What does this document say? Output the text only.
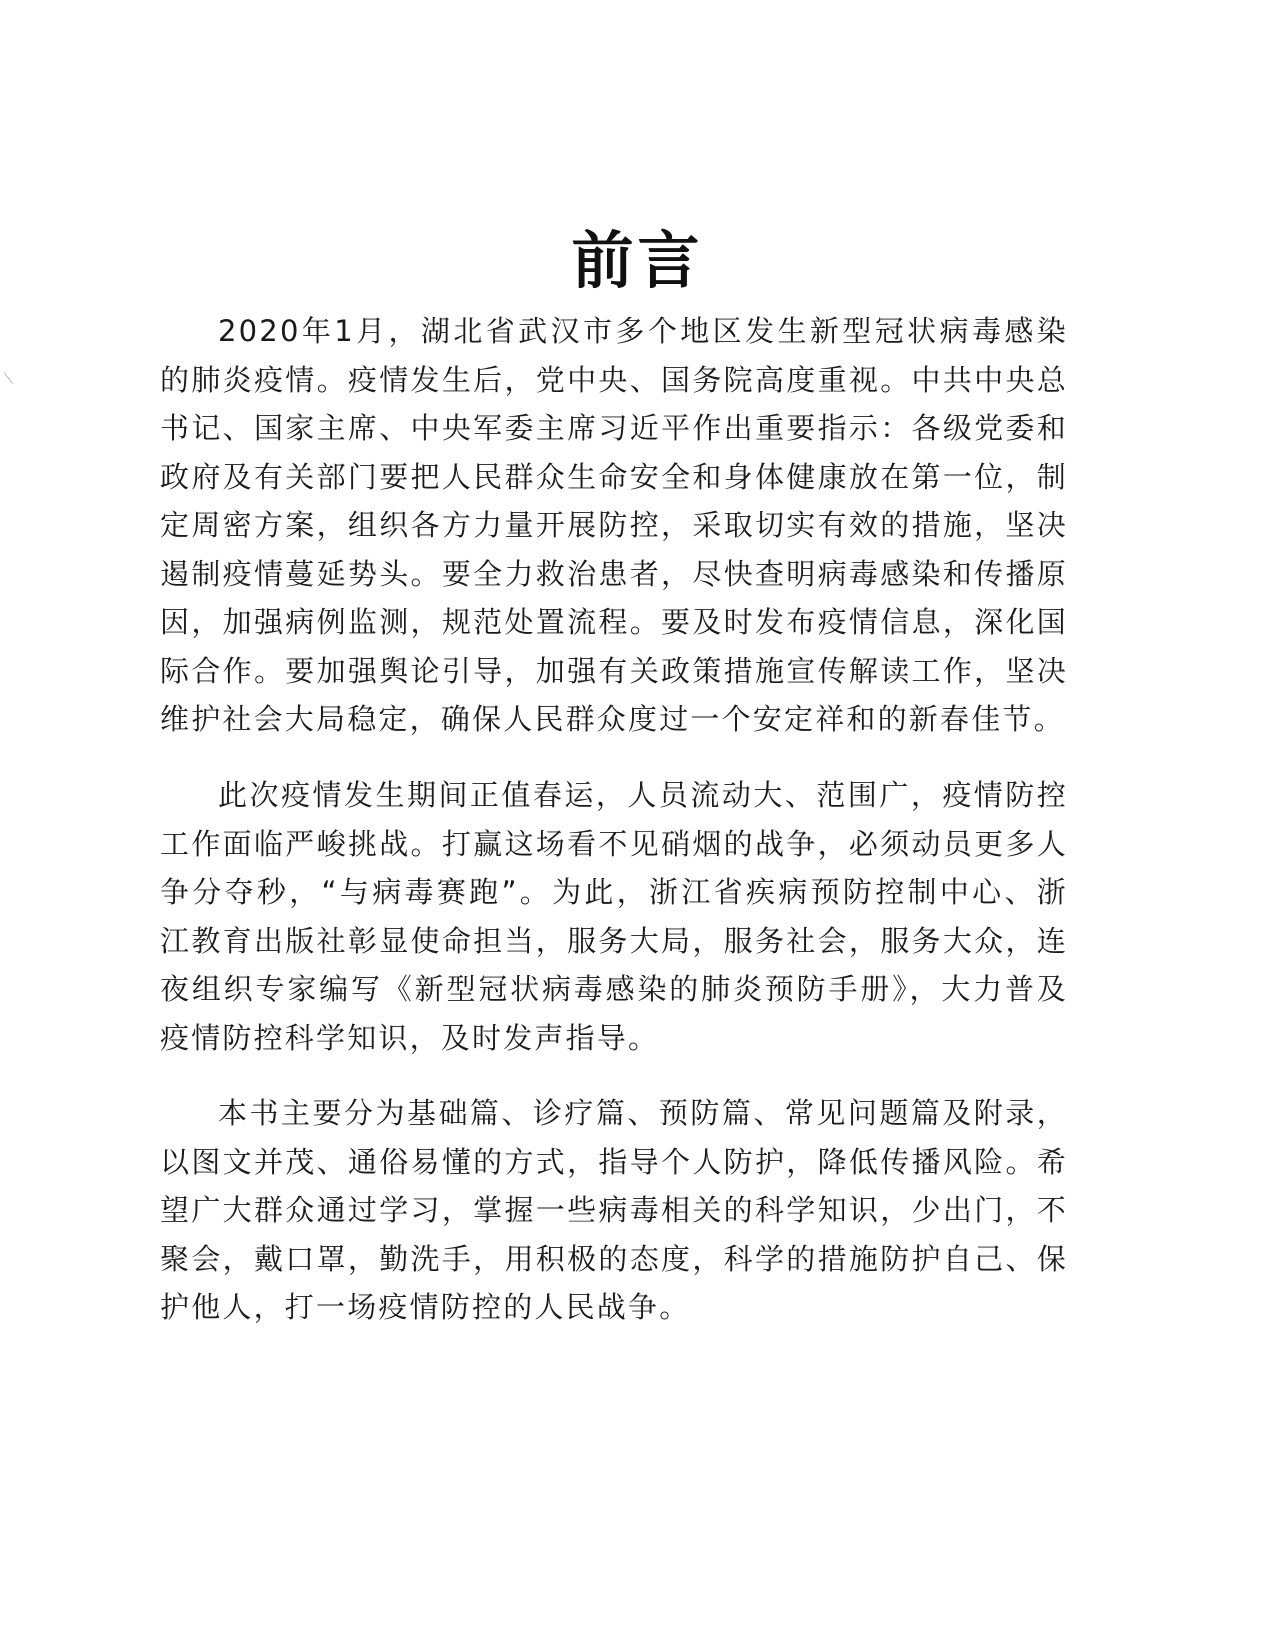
前言

2020年1月，湖北省武汉市多个地区发生新型冠状病毒感染的肺炎疫情。疫情发生后，党中央、国务院高度重视。中共中央总书记、国家主席、中央军委主席习近平作出重要指示：各级党委和政府及有关部门要把人民群众生命安全和身体健康放在第一位，制定周密方案，组织各方力量开展防控，采取切实有效的措施，坚决遏制疫情蔓延势头。要全力救治患者，尽快查明病毒感染和传播原因，加强病例监测，规范处置流程。要及时发布疫情信息，深化国际合作。要加强舆论引导，加强有关政策措施宣传解读工作，坚决维护社会大局稳定，确保人民群众度过一个安定祥和的新春佳节。

此次疫情发生期间正值春运，人员流动大、范围广，疫情防控工作面临严峻挑战。打赢这场看不见硝烟的战争，必须动员更多人争分夺秒，“与病毒赛跑”。为此，浙江省疾病预防控制中心、浙江教育出版社彰显使命担当，服务大局，服务社会，服务大众，连夜组织专家编写《新型冠状病毒感染的肺炎预防手册》，大力普及疫情防控科学知识，及时发声指导。

本书主要分为基础篇、诊疗篇、预防篇、常见问题篇及附录，以图文并茂、通俗易懂的方式，指导个人防护，降低传播风险。希望广大群众通过学习，掌握一些病毒相关的科学知识，少出门，不聚会，戴口罩，勤洗手，用积极的态度，科学的措施防护自己、保护他人，打一场疫情防控的人民战争。
